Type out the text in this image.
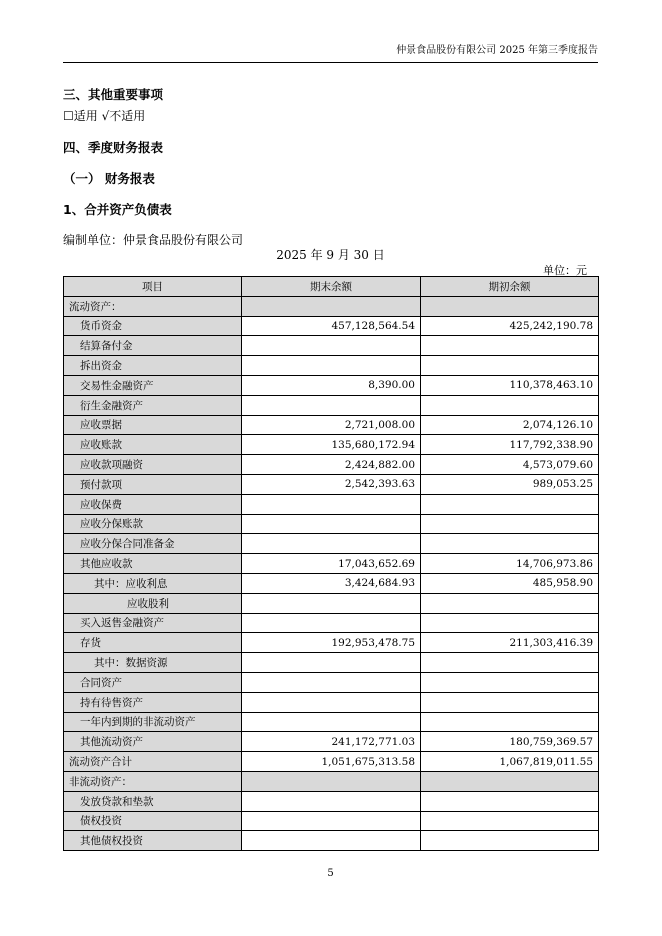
仲景食品股份有限公司 2025 年第三季度报告
三、其他重要事项
☐适用 √不适用
四、季度财务报表
（一） 财务报表
1、合并资产负债表
编制单位：仲景食品股份有限公司
2025 年 9 月 30 日
单位：元
项目	期末余额	期初余额
流动资产：		
货币资金	457,128,564.54	425,242,190.78
结算备付金		
拆出资金		
交易性金融资产	8,390.00	110,378,463.10
衍生金融资产		
应收票据	2,721,008.00	2,074,126.10
应收账款	135,680,172.94	117,792,338.90
应收款项融资	2,424,882.00	4,573,079.60
预付款项	2,542,393.63	989,053.25
应收保费		
应收分保账款		
应收分保合同准备金		
其他应收款	17,043,652.69	14,706,973.86
其中：应收利息	3,424,684.93	485,958.90
应收股利		
买入返售金融资产		
存货	192,953,478.75	211,303,416.39
其中：数据资源		
合同资产		
持有待售资产		
一年内到期的非流动资产		
其他流动资产	241,172,771.03	180,759,369.57
流动资产合计	1,051,675,313.58	1,067,819,011.55
非流动资产：		
发放贷款和垫款		
债权投资		
其他债权投资		
5
